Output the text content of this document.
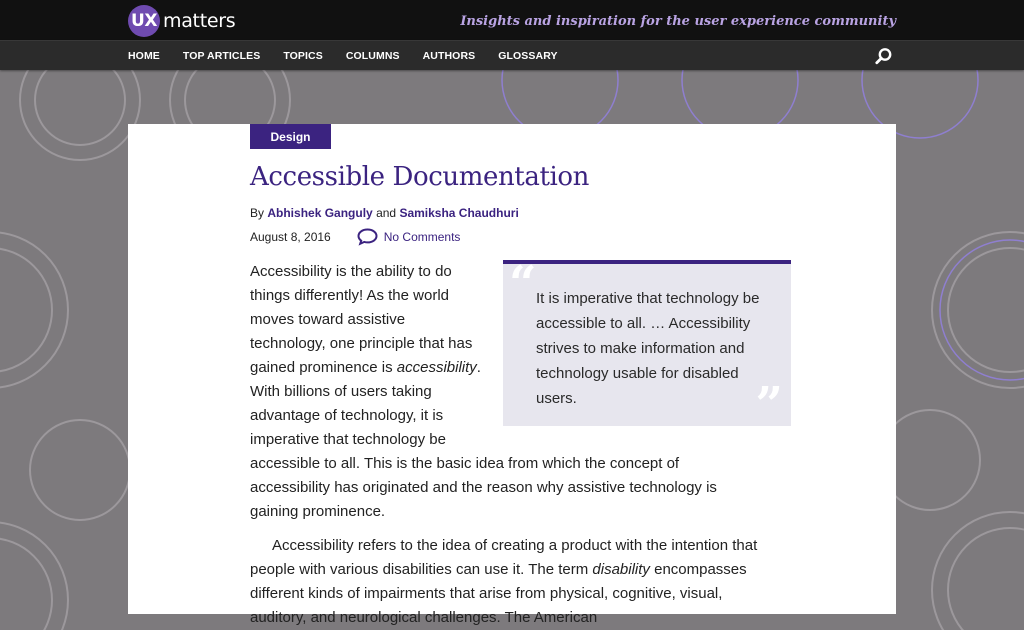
UX matters	Insights and inspiration for the user experience community
HOME TOP ARTICLES TOPICS COLUMNS AUTHORS GLOSSARY
Design
Accessible Documentation
By Abhishek Ganguly and Samiksha Chaudhuri
August 8, 2016	No Comments
“ It is imperative that technology be accessible to all. … Accessibility strives to make information and technology usable for disabled users.	”

Accessibility is the ability to do things differently! As the world moves toward assistive technology, one principle that has gained prominence is accessibility. With billions of users taking advantage of technology, it is imperative that technology be accessible to all. This is the basic idea from which the concept of accessibility has originated and the reason why assistive technology is gaining prominence.

Accessibility refers to the idea of creating a product with the intention that people with various disabilities can use it. The term disability encompasses different kinds of impairments that arise from physical, cognitive, visual, auditory, and neurological challenges. The American
